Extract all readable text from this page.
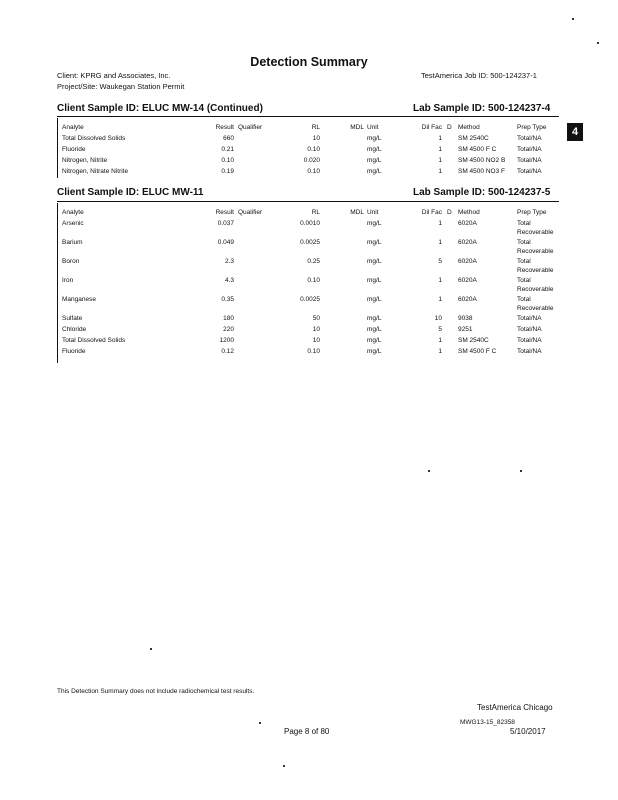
Detection Summary
Client: KPRG and Associates, Inc.
Project/Site: Waukegan Station Permit
TestAmerica Job ID: 500-124237-1
4
Client Sample ID: ELUC MW-14 (Continued)	Lab Sample ID: 500-124237-4
Analyte	Result Qualifier	RL	MDL Unit	Dil Fac D Method	Prep Type
Total Dissolved Solids	660	10	mg/L	1 SM 2540C	Total/NA
Fluoride	0.21	0.10	mg/L	1 SM 4500 F C	Total/NA
Nitrogen, Nitrite	0.10	0.020	mg/L	1 SM 4500 NO2 B Total/NA
Nitrogen, Nitrate Nitrite	0.19	0.10	mg/L	1 SM 4500 NO3 F Total/NA
Client Sample ID: ELUC MW-11	Lab Sample ID: 500-124237-5
Analyte	Result Qualifier	RL	MDL Unit	Dil Fac D Method	Prep Type
Arsenic	0.037	0.0010	mg/L	1 6020A	Total Recoverable
Barium	0.049	0.0025	mg/L	1 6020A	Total Recoverable
Boron	2.3	0.25	mg/L	5 6020A	Total Recoverable
Iron	4.3	0.10	mg/L	1 6020A	Total Recoverable
Manganese	0.35	0.0025	mg/L	1 6020A	Total Recoverable
Sulfate	180	50	mg/L	10 9038	Total/NA
Chloride	220	10	mg/L	5 9251	Total/NA
Total Dissolved Solids	1200	10	mg/L	1 SM 2540C	Total/NA
Fluoride	0.12	0.10	mg/L	1 SM 4500 F C	Total/NA
This Detection Summary does not include radiochemical test results.
TestAmerica Chicago
MWG13-15_82358
Page 8 of 80	5/10/2017
